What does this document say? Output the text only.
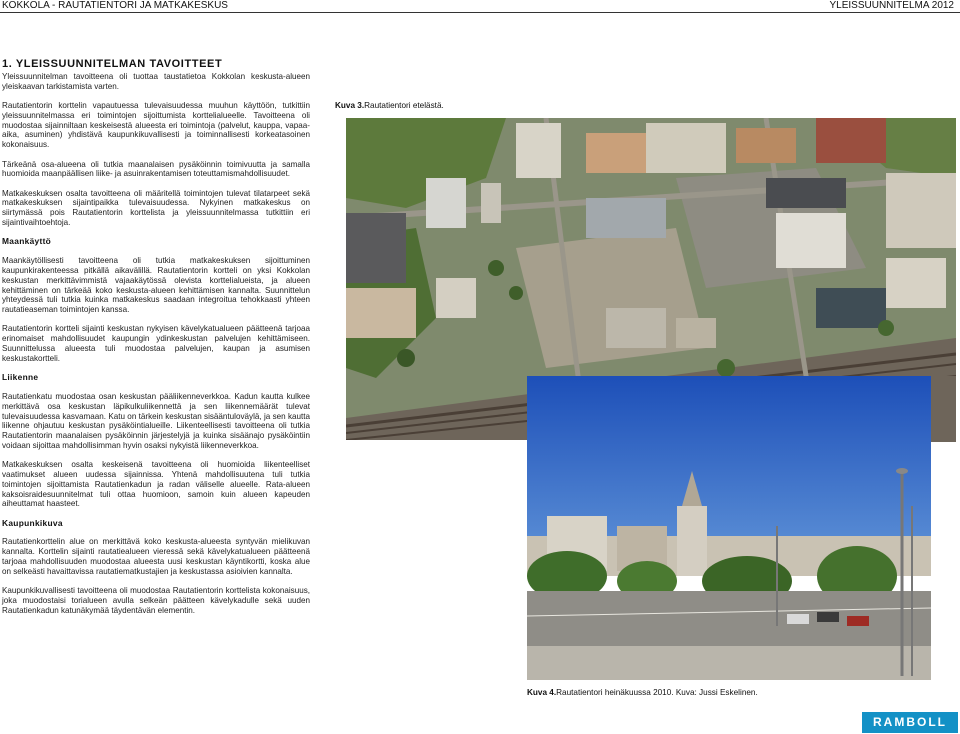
KOKKOLA - RAUTATIENTORI JA MATKAKESKUS	YLEISSUUNNITELMA 2012
1. YLEISSUUNNITELMAN TAVOITTEET

Yleissuunnitelman tavoitteena oli tuottaa taustatietoa Kokkolan keskusta-alueen yleiskaavan tarkistamista varten.

Rautatientorin korttelin vapautuessa tulevaisuudessa muuhun käyttöön, tutkittiin yleissuunnitelmassa eri toimintojen sijoittumista korttelialueelle. Tavoitteena oli muodostaa sijainniltaan keskeisestä alueesta eri toimintoja (palvelut, kauppa, vapaa-aika, asuminen) yhdistävä kaupunkikuvallisesti ja toiminnallisesti korkeatasoinen kokonaisuus.

Tärkeänä osa-alueena oli tutkia maanalaisen pysäköinnin toimivuutta ja samalla huomioida maanpäällisen liike- ja asuinrakentamisen toteuttamismahdollisuudet.

Matkakeskuksen osalta tavoitteena oli määritellä toimintojen tulevat tilatarpeet sekä matkakeskuksen sijaintipaikka tulevaisuudessa. Nykyinen matkakeskus on siirtymässä pois Rautatientorin korttelista ja yleissuunnitelmassa tutkittiin eri sijaintivaihtoehtoja.

Maankäyttö

Maankäytöllisesti tavoitteena oli tutkia matkakeskuksen sijoittuminen kaupunkirakenteessa pitkällä aikavälillä. Rautatientorin kortteli on yksi Kokkolan keskustan merkittävimmistä vajaakäytössä olevista korttelialueista, ja alueen kehittäminen on tärkeää koko keskusta-alueen kehittämisen kannalta. Suunnittelun yhteydessä tuli tutkia kuinka matkakeskus saadaan integroitua tehokkaasti yhteen rautatieaseman toimintojen kanssa.

Rautatientorin kortteli sijainti keskustan nykyisen kävelykatualueen päätteenä tarjoaa erinomaiset mahdollisuudet kaupungin ydinkeskustan palvelujen kehittämiseen. Suunnittelussa alueesta tuli muodostaa palvelujen, kaupan ja asumisen keskustakortteli.

Liikenne

Rautatienkatu muodostaa osan keskustan pääliikenneverkkoa. Kadun kautta kulkee merkittävä osa keskustan läpikulkuliikennettä ja sen liikennemäärät tulevat tulevaisuudessa kasvamaan. Katu on tärkein keskustan sisääntuloväylä, ja sen kautta liikenne ohjautuu keskustan pysäköintialueille. Liikenteellisesti tavoitteena oli tutkia Rautatientorin maanalaisen pysäköinnin järjestelyjä ja kuinka sisäänajo pysäköintiin voidaan sijoittaa mahdollisimman hyvin osaksi nykyistä liikenneverkkoa.

Matkakeskuksen osalta keskeisenä tavoitteena oli huomioida liikenteelliset vaatimukset alueen uudessa sijainnissa. Yhtenä mahdollisuutena tuli tutkia toimintojen sijoittamista Rautatienkadun ja radan väliselle alueelle. Rata-alueen kaksoisraidesuunnitelmat tuli ottaa huomioon, samoin kuin alueen kapeuden aiheuttamat haasteet.

Kaupunkikuva

Rautatienkorttelin alue on merkittävä koko keskusta-alueesta syntyvän mielikuvan kannalta. Korttelin sijainti rautatiealueen vieressä sekä kävelykatualueen päätteenä tarjoaa mahdollisuuden muodostaa alueesta uusi keskustan käyntikortti, koska alue on selkeästi havaittavissa rautatiematkustajien ja keskustassa asioivien kannalta.

Kaupunkikuvallisesti tavoitteena oli muodostaa Rautatientorin korttelista kokonaisuus, joka muodostaisi torialueen avulla selkeän päätteen kävelykadulle sekä uuden Rautatienkadun katunäkymää täydentävän elementin.

Kuva 3.Rautatientori etelästä.
Kuva 4.Rautatientori heinäkuussa 2010. Kuva: Jussi Eskelinen.
RAMBOLL
